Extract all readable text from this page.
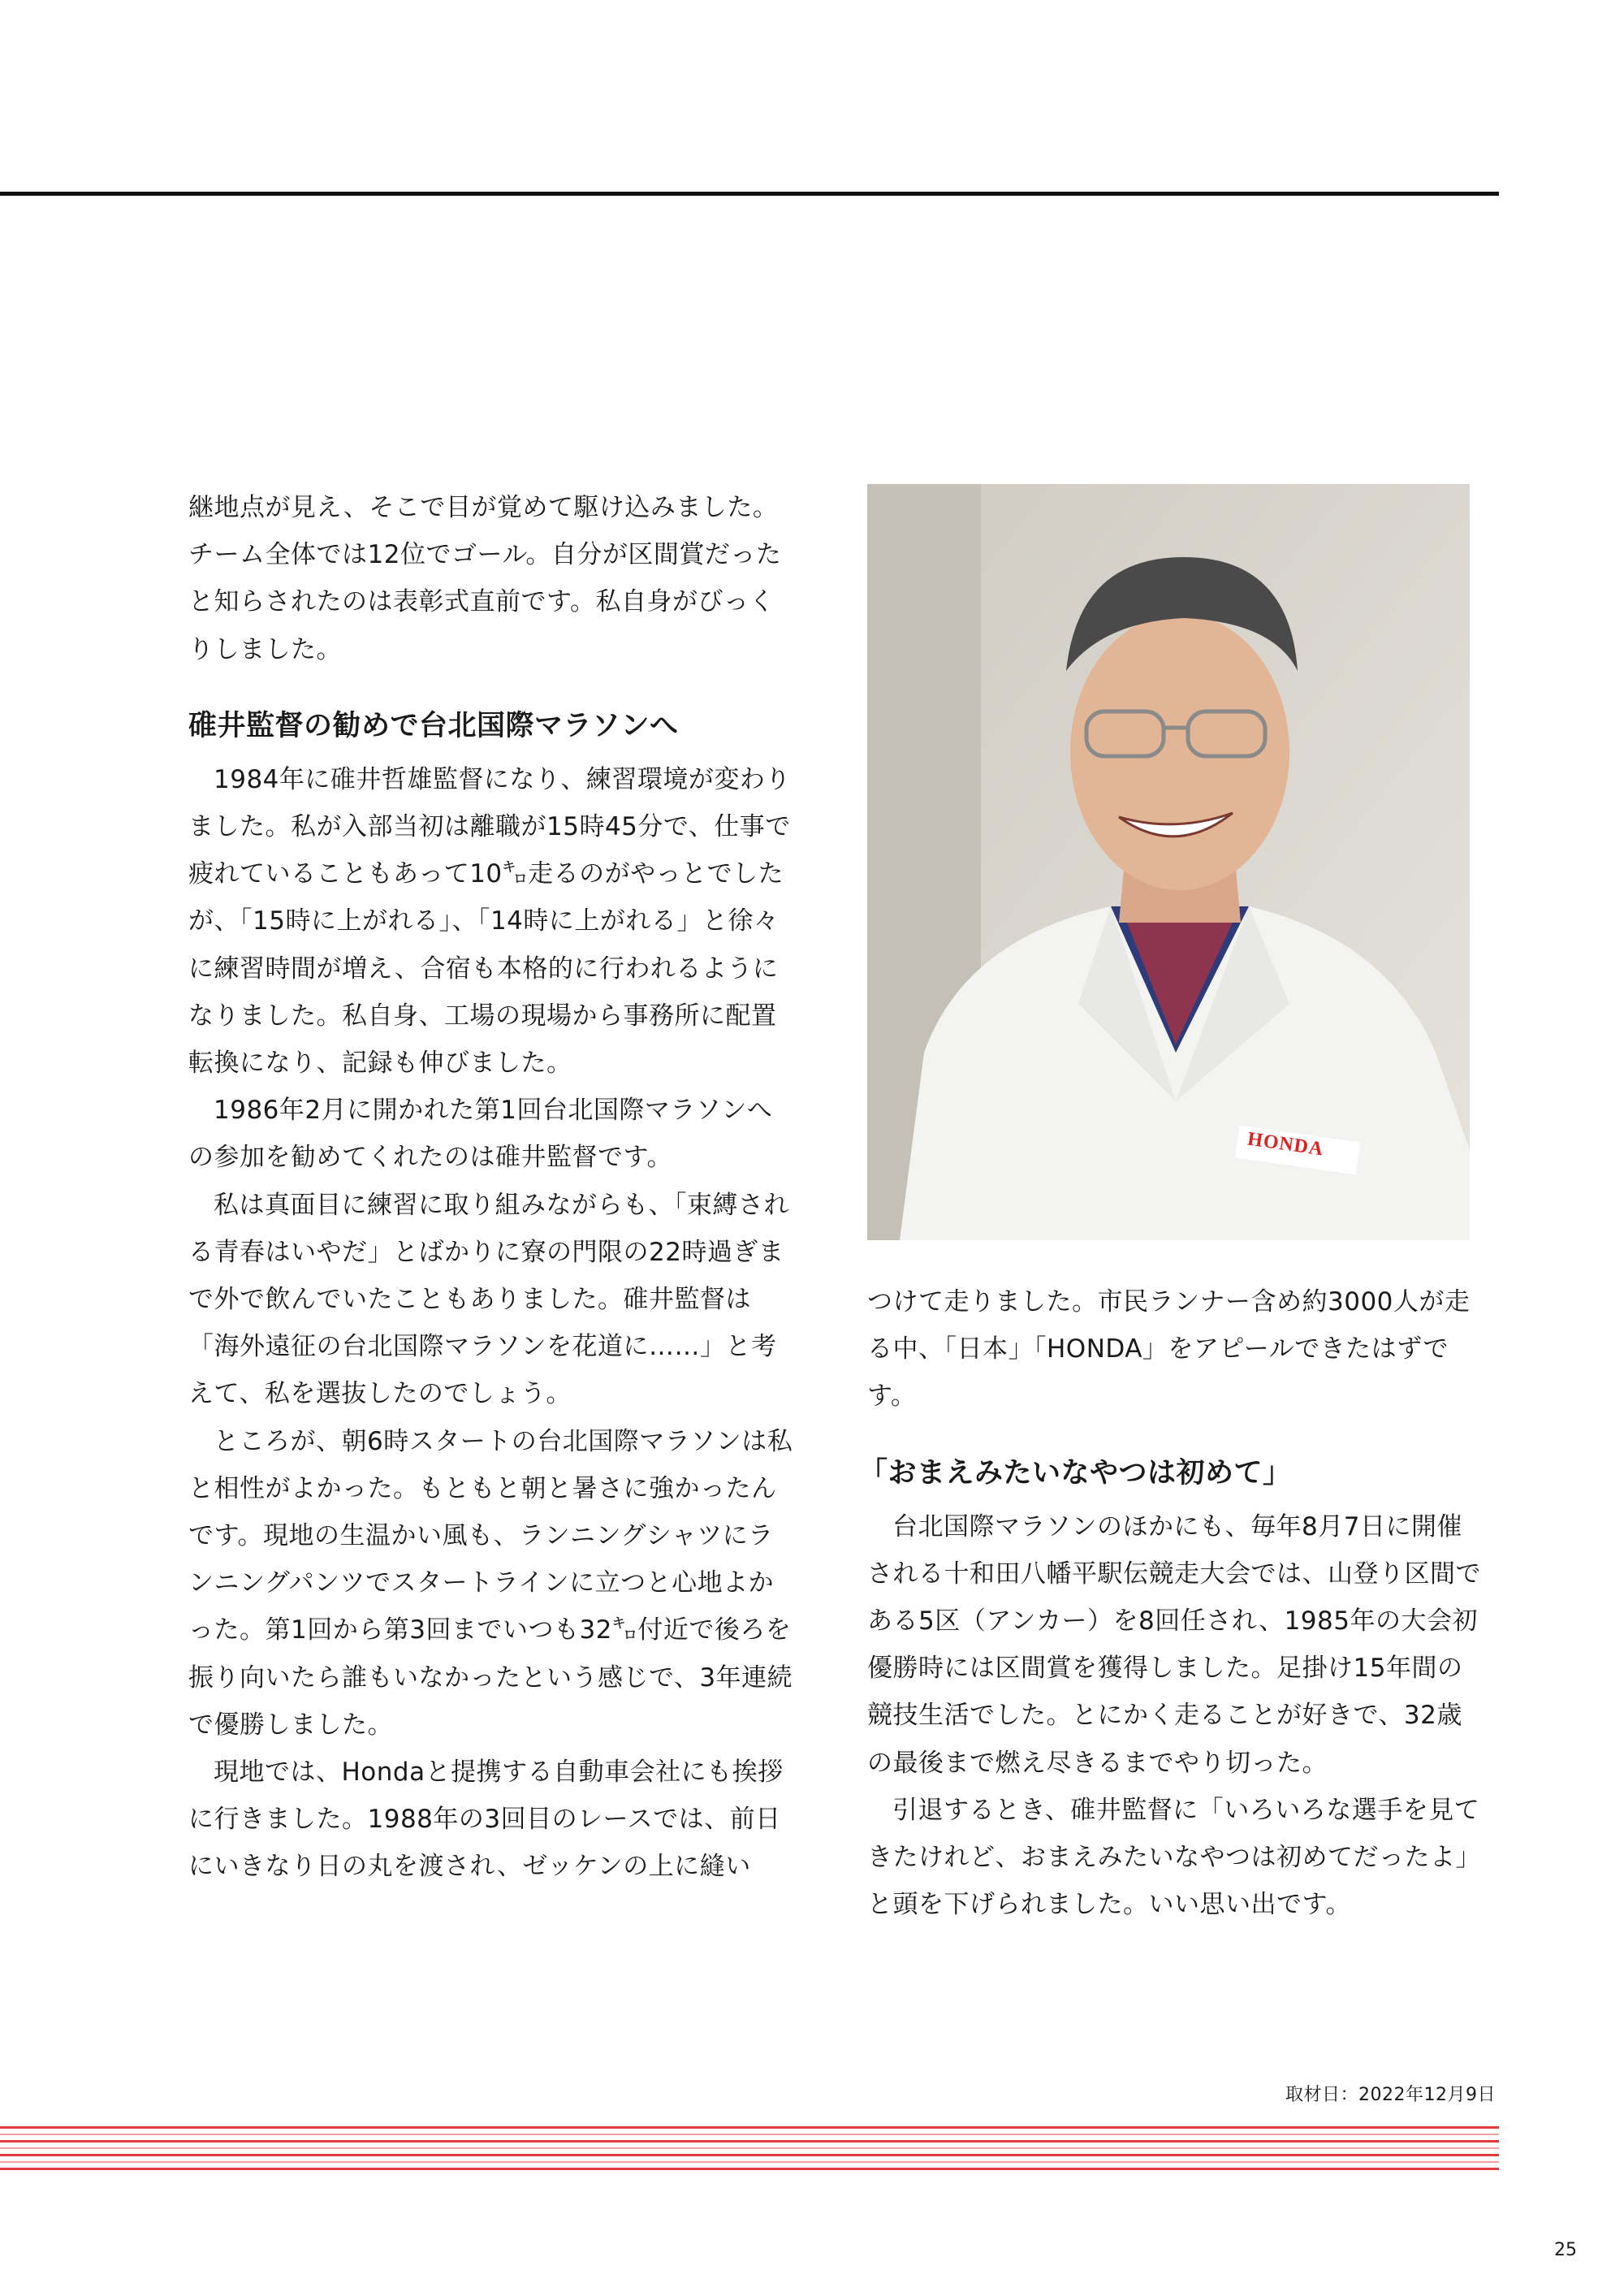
継地点が見え、そこで目が覚めて駆け込みました。チーム全体では12位でゴール。自分が区間賞だったと知らされたのは表彰式直前です。私自身がびっくりしました。

碓井監督の勧めで台北国際マラソンへ

1984年に碓井哲雄監督になり、練習環境が変わりました。私が入部当初は離職が15時45分で、仕事で疲れていることもあって10㌔走るのがやっとでしたが、「15時に上がれる」、「14時に上がれる」と徐々に練習時間が増え、合宿も本格的に行われるようになりました。私自身、工場の現場から事務所に配置転換になり、記録も伸びました。

1986年2月に開かれた第1回台北国際マラソンへの参加を勧めてくれたのは碓井監督です。

私は真面目に練習に取り組みながらも、「束縛される青春はいやだ」とばかりに寮の門限の22時過ぎまで外で飲んでいたこともありました。碓井監督は「海外遠征の台北国際マラソンを花道に……」と考えて、私を選抜したのでしょう。

ところが、朝6時スタートの台北国際マラソンは私と相性がよかった。もともと朝と暑さに強かったんです。現地の生温かい風も、ランニングシャツにランニングパンツでスタートラインに立つと心地よかった。第1回から第3回までいつも32㌔付近で後ろを振り向いたら誰もいなかったという感じで、3年連続で優勝しました。

現地では、Hondaと提携する自動車会社にも挨拶に行きました。1988年の3回目のレースでは、前日にいきなり日の丸を渡され、ゼッケンの上に縫い

HONDA

つけて走りました。市民ランナー含め約3000人が走る中、「日本」「HONDA」をアピールできたはずです。

「おまえみたいなやつは初めて」

台北国際マラソンのほかにも、毎年8月7日に開催される十和田八幡平駅伝競走大会では、山登り区間である5区（アンカー）を8回任され、1985年の大会初優勝時には区間賞を獲得しました。足掛け15年間の競技生活でした。とにかく走ることが好きで、32歳の最後まで燃え尽きるまでやり切った。

引退するとき、碓井監督に「いろいろな選手を見てきたけれど、おまえみたいなやつは初めてだったよ」と頭を下げられました。いい思い出です。

取材日：2022年12月9日
25
